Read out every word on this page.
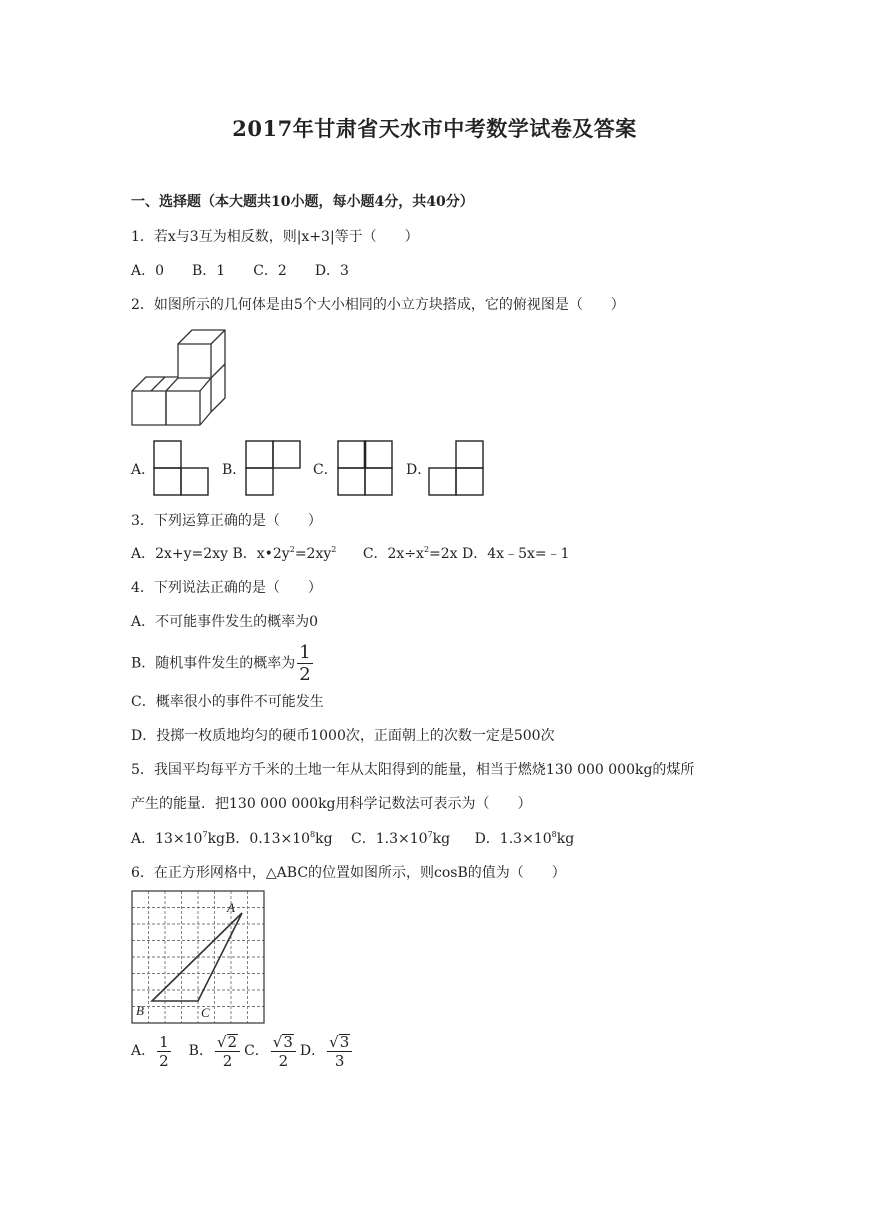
2017年甘肃省天水市中考数学试卷及答案
一、选择题（本大题共10小题，每小题4分，共40分）
1．若x与3互为相反数，则|x+3|等于（　　）
A．0　　B．1　　C．2　　D．3
2．如图所示的几何体是由5个大小相同的小立方块搭成，它的俯视图是（　　）
A．	B．	C．	D．
3．下列运算正确的是（　　）
A．2x+y=2xy B．$x•2y^2=2xy^2$ C．$2x\div x^2=2x$ D．4x﹣5x=﹣1
4．下列说法正确的是（　　）
A．不可能事件发生的概率为0
B．随机事件发生的概率为 $\frac{1}{2}$
C．概率很小的事件不可能发生
D．投掷一枚质地均匀的硬币1000次，正面朝上的次数一定是500次
5．我国平均每平方千米的土地一年从太阳得到的能量，相当于燃烧130 000 000kg的煤所
产生的能量．把130 000 000kg用科学记数法可表示为（　　）
A．$13\times 10^7kgB$．$0.13\times 10^8kg$ C．$1.3\times 10^7kg$ D．$1.3\times 10^8kg$
6．在正方形网格中，△ABC的位置如图所示，则cosB的值为（　　）
A
B	C
A． $\frac{1}{2}$ B． $\frac{√ 2}{2}$ C． $\frac{√ 3}{2}$ D． $\frac{√ 3}{3}$
